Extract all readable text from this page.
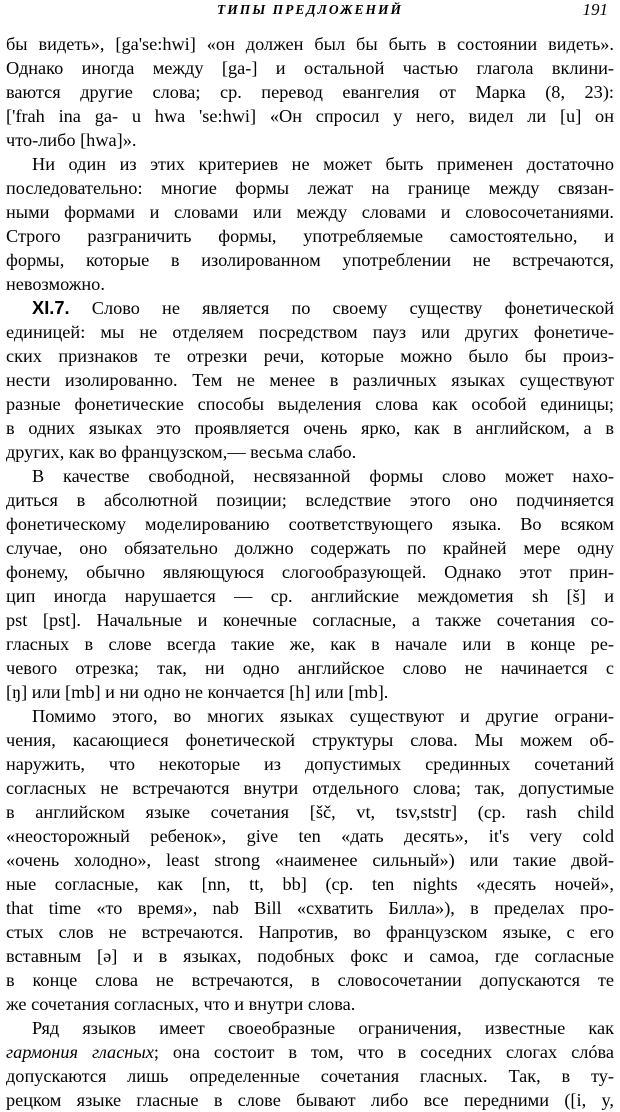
ТИПЫ ПРЕДЛОЖЕНИЙ	191
бы видеть», [ga'se:hwi] «он должен был бы быть в состоянии видеть».
Однако иногда между [ga-] и остальной частью глагола вклини-
ваются другие слова; ср. перевод евангелия от Марка (8, 23):
['frah ina ga- u hwa 'se:hwi] «Он спросил у него, видел ли [u] он
что-либо [hwa]».
Ни один из этих критериев не может быть применен достаточно
последовательно: многие формы лежат на границе между связан-
ными формами и словами или между словами и словосочетаниями.
Строго разграничить формы, употребляемые самостоятельно, и
формы, которые в изолированном употреблении не встречаются,
невозможно.
XI.7. Слово не является по своему существу фонетической
единицей: мы не отделяем посредством пауз или других фонетиче-
ских признаков те отрезки речи, которые можно было бы произ-
нести изолированно. Тем не менее в различных языках существуют
разные фонетические способы выделения слова как особой единицы;
в одних языках это проявляется очень ярко, как в английском, а в
других, как во французском,— весьма слабо.
В качестве свободной, несвязанной формы слово может нахо-
диться в абсолютной позиции; вследствие этого оно подчиняется
фонетическому моделированию соответствующего языка. Во всяком
случае, оно обязательно должно содержать по крайней мере одну
фонему, обычно являющуюся слогообразующей. Однако этот прин-
цип иногда нарушается — ср. английские междометия sh [š] и
pst [pst]. Начальные и конечные согласные, а также сочетания со-
гласных в слове всегда такие же, как в начале или в конце ре-
чевого отрезка; так, ни одно английское слово не начинается с
[ŋ] или [mb] и ни одно не кончается [h] или [mb].
Помимо этого, во многих языках существуют и другие ограни-
чения, касающиеся фонетической структуры слова. Мы можем об-
наружить, что некоторые из допустимых срединных сочетаний
согласных не встречаются внутри отдельного слова; так, допустимые
в английском языке сочетания [šč, vt, tsv,ststr] (ср. rash child
«неосторожный ребенок», give ten «дать десять», it's very cold
«очень холодно», least strong «наименее сильный») или такие двой-
ные согласные, как [nn, tt, bb] (ср. ten nights «десять ночей»,
that time «то время», nab Bill «схватить Билла»), в пределах про-
стых слов не встречаются. Напротив, во французском языке, с его
вставным [ə] и в языках, подобных фокс и самоа, где согласные
в конце слова не встречаются, в словосочетании допускаются те
же сочетания согласных, что и внутри слова.
Ряд языков имеет своеобразные ограничения, известные как
гармония гласных; она состоит в том, что в соседних слогах слóва
допускаются лишь определенные сочетания гласных. Так, в ту-
рецком языке гласные в слове бывают либо все передними ([i, y,
